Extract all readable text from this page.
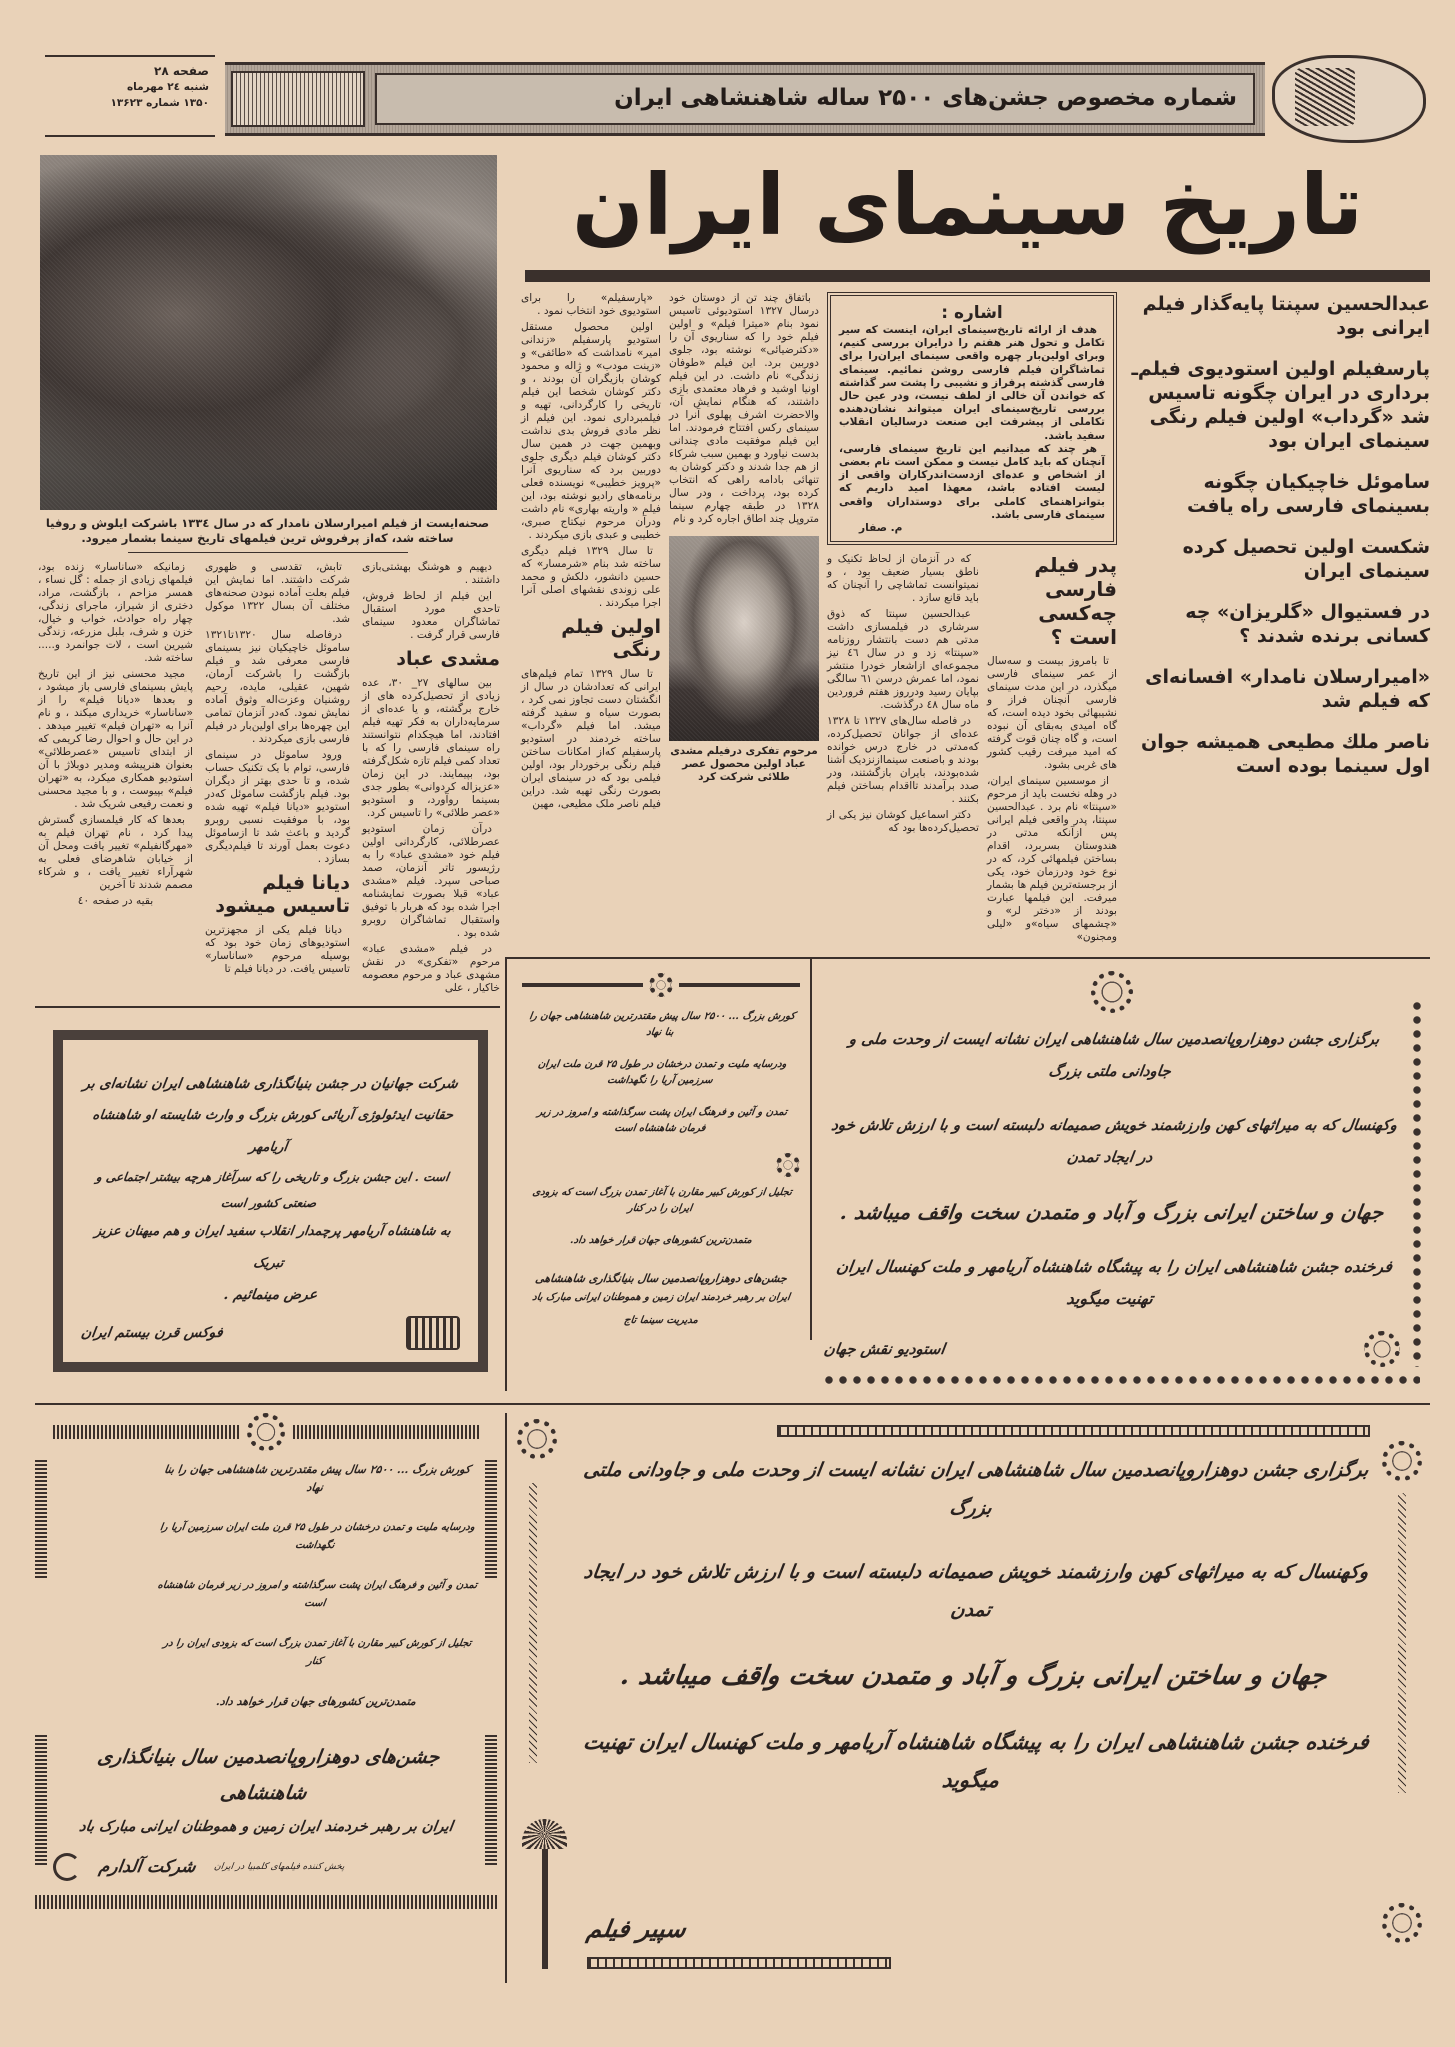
صفحه ۲۸
شنبه ۲٤ مهرماه
۱۳۵۰ شماره ۱۳۶۲۳	شماره مخصوص جشن‌های ۲۵۰۰ ساله شاهنشاهی ایران
صحنه‌ایست از فیلم امیرارسلان نامدار که در سال ۱۳۳٤ باشرکت ایلوش و روفیا ساخته شد، که‌از پرفروش ترین فیلمهای تاریخ سینما بشمار میرود.

دیهیم و هوشنگ بهشتی‌بازی داشتند .

این فیلم از لحاظ فروش، تاحدی مورد استقبال تماشاگران معدود سینمای فارسی قرار گرفت .

مشدی عباد

بین سالهای ۲۷_ ۳۰، عده زیادی از تحصیل‌کرده های از خارج برگشته، و یا عده‌ای از سرمایه‌داران به فکر تهیه فیلم افتادند، اما هیچکدام نتوانستند راه سینمای فارسی را که با تعداد کمی فیلم تازه شکل‌گرفته بود، بپیمایند. در این زمان «عزیزاله کردوانی» بطور جدی بسینما روآورد، و استودیو «عصر طلائی» را تاسیس کرد.

درآن زمان استودیو عصرطلائی، کارگردانی اولین فیلم خود «مشدی عباد» را به رژیسور تاتر آنزمان، صمد صباحی سپرد. فیلم «مشدی عباد» قبلا بصورت نمایشنامه اجرا شده بود که هربار با توفیق واستقبال تماشاگران روبرو شده بود .

در فیلم «مشدی عباد» مرحوم «تفکری» در نقش مشهدی عباد و مرحوم معصومه خاکیار ، علی

تابش، تقدسی و ظهوری شرکت داشتند. اما نمایش این فیلم بعلت آماده نبودن صحنه‌های مختلف آن بسال ۱۳۲۲ موکول شد.

درفاصله سال ۱۳۲۰تا۱۳۲۱ ساموئل خاچیکیان نیز بسینمای فارسی معرفی شد و فیلم بازگشت را باشرکت آرمان، شهین، عقیلی، مایده، رحیم روشنیان وعزت‌اله وثوق آماده نمایش نمود. که‌در آنزمان تمامی این چهره‌ها برای اولین‌بار در فیلم فارسی بازی میکردند .

ورود ساموئل در سینمای فارسی، توام با یک تکنیک حساب شده، و تا حدی بهتر از دیگران بود. فیلم بازگشت ساموئل که‌در استودیو «دیانا فیلم» تهیه شده بود، با موفقیت نسبی روبرو گردید و باعث شد تا ازساموئل دعوت بعمل آورند تا فیلم‌دیگری بسازد .

دیانا فیلم تاسیس میشود

دیانا فیلم یکی از مجهزترین استودیوهای زمان خود بود که بوسیله مرحوم «ساناسار» تاسیس یافت. در دیانا فیلم تا

زمانیکه «ساناسار» زنده بود، فیلمهای زیادی از جمله : گل نساء ، همسر مزاحم ، بازگشت، مراد، دختری از شیراز، ماجرای زندگی، چهار راه حوادث، خواب و خیال، خزن و شرف، بلبل مزرعه، زندگی شیرین است ، لات جوانمرد و..... ساخته شد.

مجید محسنی نیز از این تاریخ پایش بسینمای فارسی باز میشود ، و بعدها «دیانا فیلم» را از «ساناسار» خریداری میکند ، و نام آنرا به «تهران فیلم» تغییر میدهد . در این حال و احوال رضا کریمی که از ابتدای تاسیس «عصرطلائی» بعنوان هنرپیشه ومدیر دوبلاژ با آن استودیو همکاری میکرد، به «تهران فیلم» بپیوست ، و با مجید محسنی و نعمت رفیعی شریک شد .

بعدها که کار فیلمسازی گسترش پیدا کرد ، نام تهران فیلم به «مهرگانفیلم» تغییر یافت ومحل آن از خیابان شاهرضای فعلی به شهرآراء تغییر یافت ، و شرکاء مصمم شدند تا آخرین

بقیه در صفحه ٤٠
شرکت جهانیان در جشن بنیانگذاری شاهنشاهی ایران نشانه‌ای بر
حقانیت ایدئولوژی آریائی کورش بزرگ و وارث شایسته او شاهنشاه آریامهر
است . این جشن بزرگ و تاریخی را که سرآغاز هرچه بیشتر اجتماعی و صنعتی کشور است
به شاهنشاه آریامهر پرچمدار انقلاب سفید ایران و هم میهنان عزیز تبریک
عرض مینمائیم .
فوکس قرن بیستم ایران
تاریخ سینمای ایران
عبدالحسین سپنتا پایه‌گذار فیلم ایرانی بود
پارسفیلم اولین استودیوی فیلم‌ـ برداری در ایران چگونه تاسیس شد «گرداب» اولین فیلم رنگی سینمای ایران بود
ساموئل خاچیکیان چگونه بسینمای فارسی راه یافت
شکست اولین تحصیل کرده سینمای ایران
در فستیوال «گلریزان» چه کسانی برنده شدند ؟
«امیرارسلان نامدار» افسانه‌ای که فیلم شد
ناصر ملك مطیعی همیشه جوان اول سینما بوده است
اشاره :
هدف از ارائه تاریخ‌سینمای ایران، اینست که سیر تکامل و تحول هنر هفتم را درایران بررسی کنیم، وبرای اولین‌بار چهره واقعی سینمای ایران‌را برای تماشاگران فیلم فارسی روشن نمائیم. سینمای فارسی گذشته پرفراز و نشیبی را پشت سر گذاشته که خواندن آن خالی از لطف نیست، ودر عین حال بررسی تاریخ‌سینمای ایران میتواند نشان‌دهنده تکاملی از پیشرفت این صنعت درسالیان انقلاب سفید باشد.
هر چند که میدانیم این تاریخ سینمای فارسی، آنچنان که باید کامل نیست و ممکن است نام بعضی از اشخاص و عده‌ای ازدست‌اندرکاران واقعی از لیست افتاده باشد، معهذا امید داریم که بتوانراهنمای کاملی برای دوستداران واقعی سینمای فارسی باشد.
م. صفار
پدر فیلم فارسی چه‌کسی است ؟

تا بامروز بیست و سه‌سال از عمر سینمای فارسی میگذرد، در این مدت سینمای فارسی آنچنان فراز و نشیبهائی بخود دیده است، که گاه امیدی به‌بقای آن نبوده است، و گاه چنان قوت گرفته که امید میرفت رقیب کشور های غربی بشود.

از موسسین سینمای ایران، در وهله نخست باید از مرحوم «سپنتا» نام برد . عبدالحسین سپنتا، پدر واقعی فیلم ایرانی پس ازآنکه مدتی در هندوستان بسربرد، اقدام بساختن فیلمهائی کرد، که در نوع خود ودرزمان خود، یکی از برجسته‌ترین فیلم ها بشمار میرفت. این فیلمها عبارت بودند از «دختر لر» و «چشمهای سیاه»و «لیلی ومجنون»

که در آنزمان از لحاظ تکنیک و ناطق بسیار ضعیف بود ، و نمیتوانست تماشاچی را آنچنان که باید قانع سازد .

عبدالحسین سپنتا که ذوق سرشاری در فیلمسازی داشت مدتی هم دست بانتشار روزنامه «سپنتا» زد و در سال ٤٦ نیز مجموعه‌ای ازاشعار خودرا منتشر نمود، اما عمرش درسن ٦١ سالگی بپایان رسید ودرروز هفتم فروردین ماه سال ٤٨ درگذشت.

در فاصله سال‌های ۱۳۲۷ تا ۱۳۲۸ عده‌ای از جوانان تحصیل‌کرده، که‌مدتی در خارج درس خوانده بودند و باصنعت سینماازنزدیک آشنا شده‌بودند، بایران بازگشتند، ودر صدد برآمدند تااقدام بساختن فیلم بکنند .

دکتر اسماعیل کوشان نیز یکی از تحصیل‌کرده‌ها بود که

باتفاق چند تن از دوستان خود درسال ۱۳۲۷ استودیوئی تاسیس نمود بنام «میترا فیلم» و اولین فیلم خود را که سناریوی آن را «دکترضیائی» نوشته بود، جلوی دوربین برد. این فیلم «طوفان زندگی» نام داشت. در این فیلم اونیا اوشید و فرهاد معتمدی بازی داشتند، که هنگام نمایش آن، والاحضرت اشرف پهلوی آنرا در سینمای رکس افتتاح فرمودند. اما این فیلم موفقیت مادی چندانی بدست نیاورد و بهمین سبب شرکاء از هم جدا شدند و دکتر کوشان به تنهائی بادامه راهی که انتخاب کرده بود، پرداخت ، ودر سال ۱۳۲۸ در طبقه چهارم سینما متروپل چند اطاق اجاره کرد و نام

مرحوم تفکری درفیلم مشدی عباد اولین محصول عصر طلائی شرکت کرد

«پارسفیلم» را برای استودیوی خود انتخاب نمود .

اولین محصول مستقل استودیو پارسفیلم «زندانی امیر» نامداشت که «طائفی» و «زینت مودب» و ژاله و محمود کوشان بازیگران آن بودند ، و دکتر کوشان شخصا این فیلم تاریخی را کارگردانی، تهیه و فیلمبرداری نمود. این فیلم از نظر مادی فروش بدی نداشت وبهمین جهت در همین سال دکتر کوشان فیلم دیگری جلوی دوربین برد که سناریوی آنرا «پرویز خطیبی» نویسنده فعلی برنامه‌های رادیو نوشته بود، این فیلم « واریته بهاری» نام داشت ودرآن مرحوم نیکتاج صبری، خطیبی و عبدی بازی میکردند .

تا سال ۱۳۲۹ فیلم دیگری ساخته شد بنام «شرمسار» که حسین دانشور، دلکش و محمد علی زوندی نقشهای اصلی آنرا اجرا میکردند .

اولین فیلم رنگی

تا سال ۱۳۲۹ تمام فیلم‌های ایرانی که تعدادشان در سال از انگشتان دست تجاوز نمی کرد ، بصورت سیاه و سفید گرفته میشد. اما فیلم «گرداب» ساخته خردمند در استودیو پارسفیلم که‌از امکانات ساختن فیلم رنگی برخوردار بود، اولین فیلمی بود که در سینمای ایران بصورت رنگی تهیه شد. دراین فیلم ناصر ملک مطیعی، مهین

برگزاری جشن دوهزاروپانصدمین سال شاهنشاهی ایران نشانه ایست از وحدت ملی و جاودانی ملتی بزرگ
وکهنسال که به میراثهای کهن وارزشمند خویش صمیمانه دلبسته است و با ارزش تلاش خود در ایجاد تمدن
جهان و ساختن ایرانی بزرگ و آباد و متمدن سخت واقف میباشد .
فرخنده جشن شاهنشاهی ایران را به پیشگاه شاهنشاه آریامهر و ملت کهنسال ایران تهنیت میگوید
استودیو نقش جهان
کورش بزرگ ... ۲۵۰۰ سال پیش مقتدرترین شاهنشاهی جهان را بنا نهاد
ودرسایه ملیت و تمدن درخشان در طول ۲۵ قرن ملت ایران سرزمین آریا را نگهداشت
تمدن و آئین و فرهنگ ایران پشت سرگذاشته و امروز در زیر فرمان شاهنشاه است
تجلیل از کورش کبیر مقارن با آغاز تمدن بزرگ است که بزودی ایران را در کنار
متمدن‌ترین کشورهای جهان قرار خواهد داد.
جشن‌های دوهزاروپانصدمین سال بنیانگذاری شاهنشاهی
ایران بر رهبر خردمند ایران زمین و هموطنان ایرانی مبارک باد
مدیریت سینما تاج
کورش بزرگ ... ۲۵۰۰ سال پیش مقتدرترین شاهنشاهی جهان را بنا نهاد
ودرسایه ملیت و تمدن درخشان در طول ۲۵ قرن ملت ایران سرزمین آریا را نگهداشت
تمدن و آئین و فرهنگ ایران پشت سرگذاشته و امروز در زیر فرمان شاهنشاه است
تجلیل از کورش کبیر مقارن با آغاز تمدن بزرگ است که بزودی ایران را در کنار
متمدن‌ترین کشورهای جهان قرار خواهد داد.
جشن‌های دوهزاروپانصدمین سال بنیانگذاری شاهنشاهی
ایران بر رهبر خردمند ایران زمین و هموطنان ایرانی مبارک باد
شرکت آلدارم پخش کننده فیلمهای کلمبیا در ایران
برگزاری جشن دوهزاروپانصدمین سال شاهنشاهی ایران نشانه ایست از وحدت ملی و جاودانی ملتی بزرگ
وکهنسال که به میراثهای کهن وارزشمند خویش صمیمانه دلبسته است و با ارزش تلاش خود در ایجاد تمدن
جهان و ساختن ایرانی بزرگ و آباد و متمدن سخت واقف میباشد .
فرخنده جشن شاهنشاهی ایران را به پیشگاه شاهنشاه آریامهر و ملت کهنسال ایران تهنیت میگوید
سپیر فیلم
